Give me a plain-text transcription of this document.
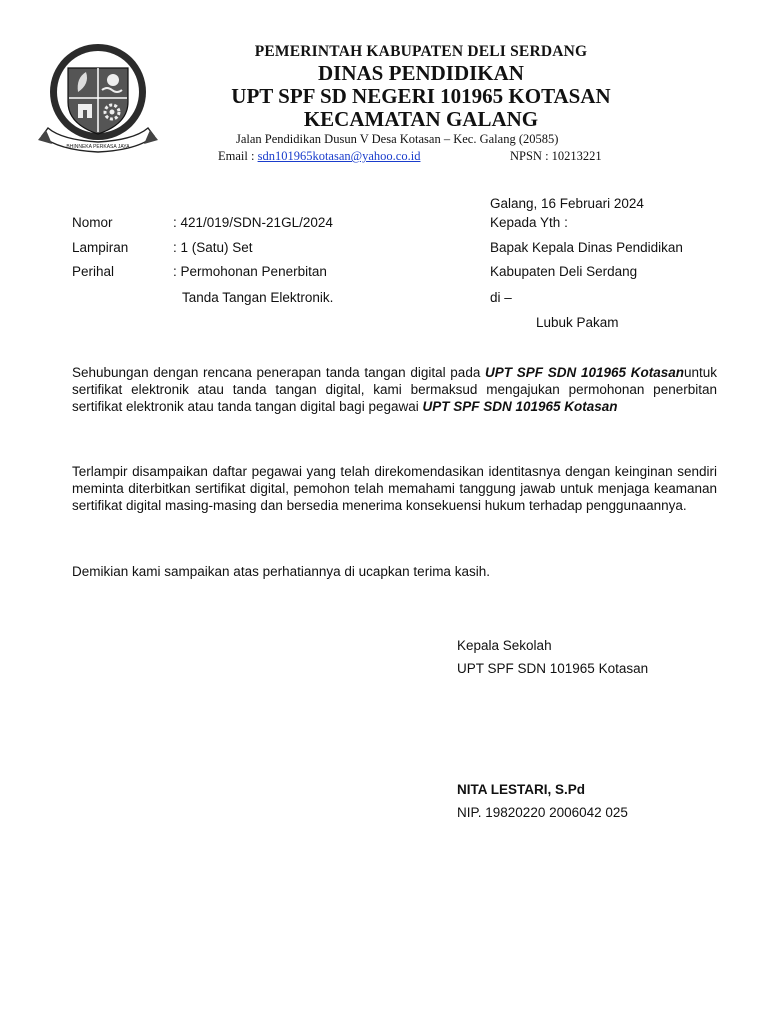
BHINNEKA PERKASA JAYA
PEMERINTAH KABUPATEN DELI SERDANG
DINAS PENDIDIKAN
UPT SPF SD NEGERI 101965 KOTASAN
KECAMATAN GALANG
Jalan Pendidikan Dusun V Desa Kotasan – Kec. Galang (20585)
Email : sdn101965kotasan@yahoo.co.id	NPSN : 10213221
Galang, 16 Februari 2024
Nomor	: 421/019/SDN-21GL/2024
Lampiran	: 1 (Satu) Set
Perihal	: Permohonan Penerbitan
Tanda Tangan Elektronik.
Kepada Yth :
Bapak Kepala Dinas Pendidikan
Kabupaten Deli Serdang
di –
Lubuk Pakam
Sehubungan dengan rencana penerapan tanda tangan digital pada UPT SPF SDN 101965 Kotasanuntuk sertifikat elektronik atau tanda tangan digital, kami bermaksud mengajukan permohonan penerbitan sertifikat elektronik atau tanda tangan digital bagi pegawai UPT SPF SDN 101965 Kotasan
Terlampir disampaikan daftar pegawai yang telah direkomendasikan identitasnya dengan keinginan sendiri meminta diterbitkan sertifikat digital, pemohon telah memahami tanggung jawab untuk menjaga keamanan sertifikat digital masing-masing dan bersedia menerima konsekuensi hukum terhadap penggunaannya.
Demikian kami sampaikan atas perhatiannya di ucapkan terima kasih.
Kepala Sekolah
UPT SPF SDN 101965 Kotasan
NITA LESTARI, S.Pd
NIP. 19820220 2006042 025
